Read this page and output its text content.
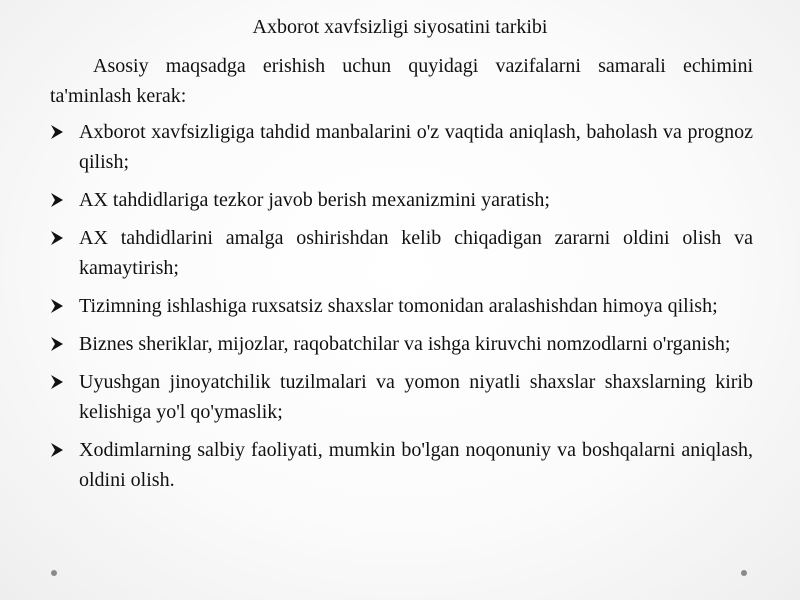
Axborot xavfsizligi siyosatini tarkibi

Asosiy maqsadga erishish uchun quyidagi vazifalarni samarali echimini ta'minlash kerak:

Axborot xavfsizligiga tahdid manbalarini o'z vaqtida aniqlash, baholash va prognoz qilish;
AX tahdidlariga tezkor javob berish mexanizmini yaratish;
AX tahdidlarini amalga oshirishdan kelib chiqadigan zararni oldini olish va kamaytirish;
Tizimning ishlashiga ruxsatsiz shaxslar tomonidan aralashishdan himoya qilish;
Biznes sheriklar, mijozlar, raqobatchilar va ishga kiruvchi nomzodlarni o'rganish;
Uyushgan jinoyatchilik tuzilmalari va yomon niyatli shaxslar shaxslarning kirib kelishiga yo'l qo'ymaslik;
Xodimlarning salbiy faoliyati, mumkin bo'lgan noqonuniy va boshqalarni aniqlash, oldini olish.
